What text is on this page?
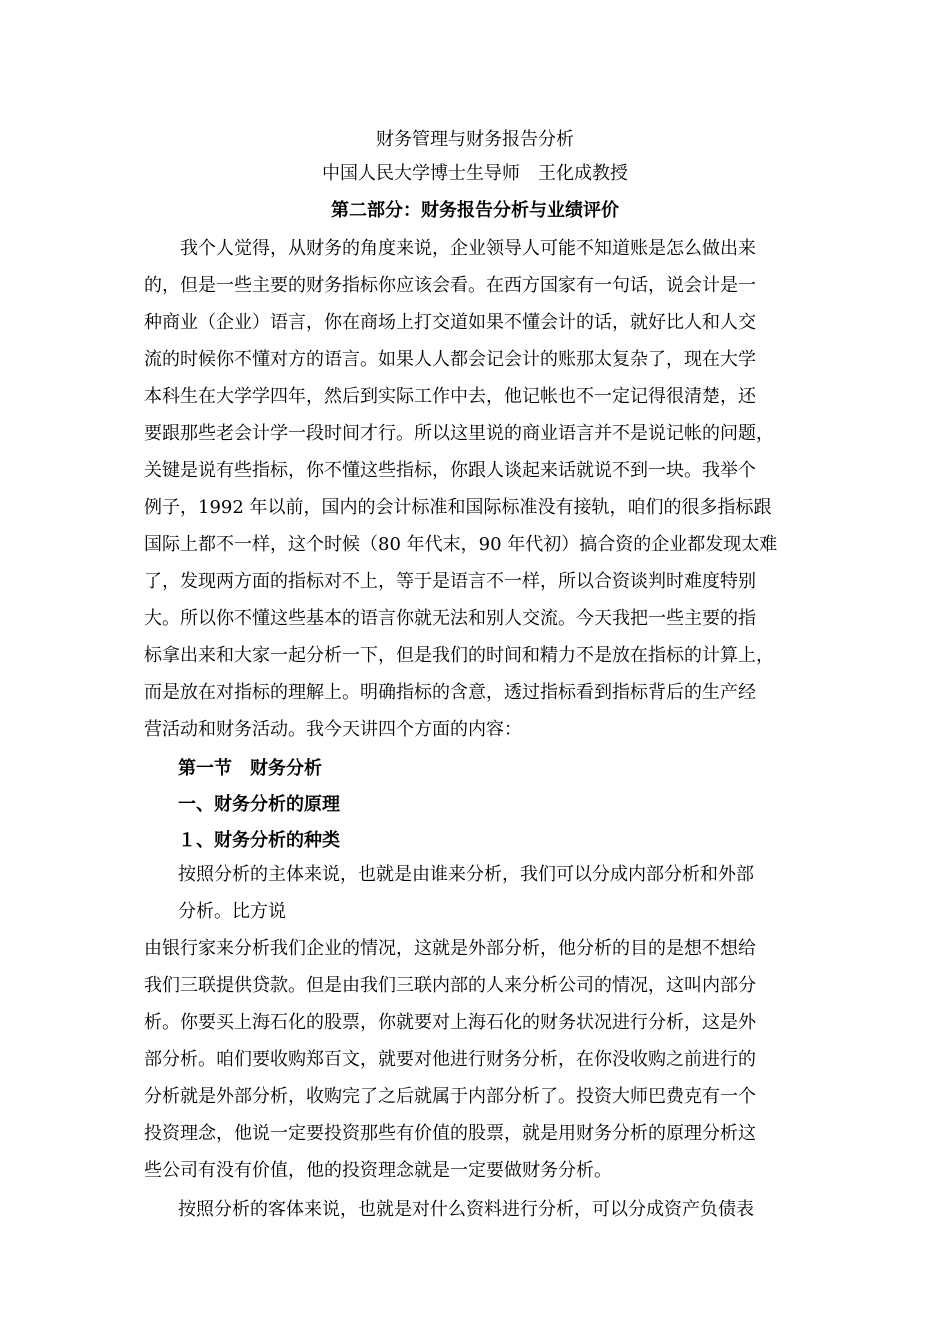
财务管理与财务报告分析
中国人民大学博士生导师　王化成教授
第二部分：财务报告分析与业绩评价
我个人觉得，从财务的角度来说，企业领导人可能不知道账是怎么做出来
的，但是一些主要的财务指标你应该会看。在西方国家有一句话，说会计是一
种商业（企业）语言，你在商场上打交道如果不懂会计的话，就好比人和人交
流的时候你不懂对方的语言。如果人人都会记会计的账那太复杂了，现在大学
本科生在大学学四年，然后到实际工作中去，他记帐也不一定记得很清楚，还
要跟那些老会计学一段时间才行。所以这里说的商业语言并不是说记帐的问题，
关键是说有些指标，你不懂这些指标，你跟人谈起来话就说不到一块。我举个
例子，1992 年以前，国内的会计标准和国际标准没有接轨，咱们的很多指标跟
国际上都不一样，这个时候（80 年代末，90 年代初）搞合资的企业都发现太难
了，发现两方面的指标对不上，等于是语言不一样，所以合资谈判时难度特别
大。所以你不懂这些基本的语言你就无法和别人交流。今天我把一些主要的指
标拿出来和大家一起分析一下，但是我们的时间和精力不是放在指标的计算上，
而是放在对指标的理解上。明确指标的含意，透过指标看到指标背后的生产经
营活动和财务活动。我今天讲四个方面的内容：
第一节　财务分析
一、财务分析的原理
１、财务分析的种类
按照分析的主体来说，也就是由谁来分析，我们可以分成内部分析和外部
分析。比方说
由银行家来分析我们企业的情况，这就是外部分析，他分析的目的是想不想给
我们三联提供贷款。但是由我们三联内部的人来分析公司的情况，这叫内部分
析。你要买上海石化的股票，你就要对上海石化的财务状况进行分析，这是外
部分析。咱们要收购郑百文，就要对他进行财务分析，在你没收购之前进行的
分析就是外部分析，收购完了之后就属于内部分析了。投资大师巴费克有一个
投资理念，他说一定要投资那些有价值的股票，就是用财务分析的原理分析这
些公司有没有价值，他的投资理念就是一定要做财务分析。
按照分析的客体来说，也就是对什么资料进行分析，可以分成资产负债表
